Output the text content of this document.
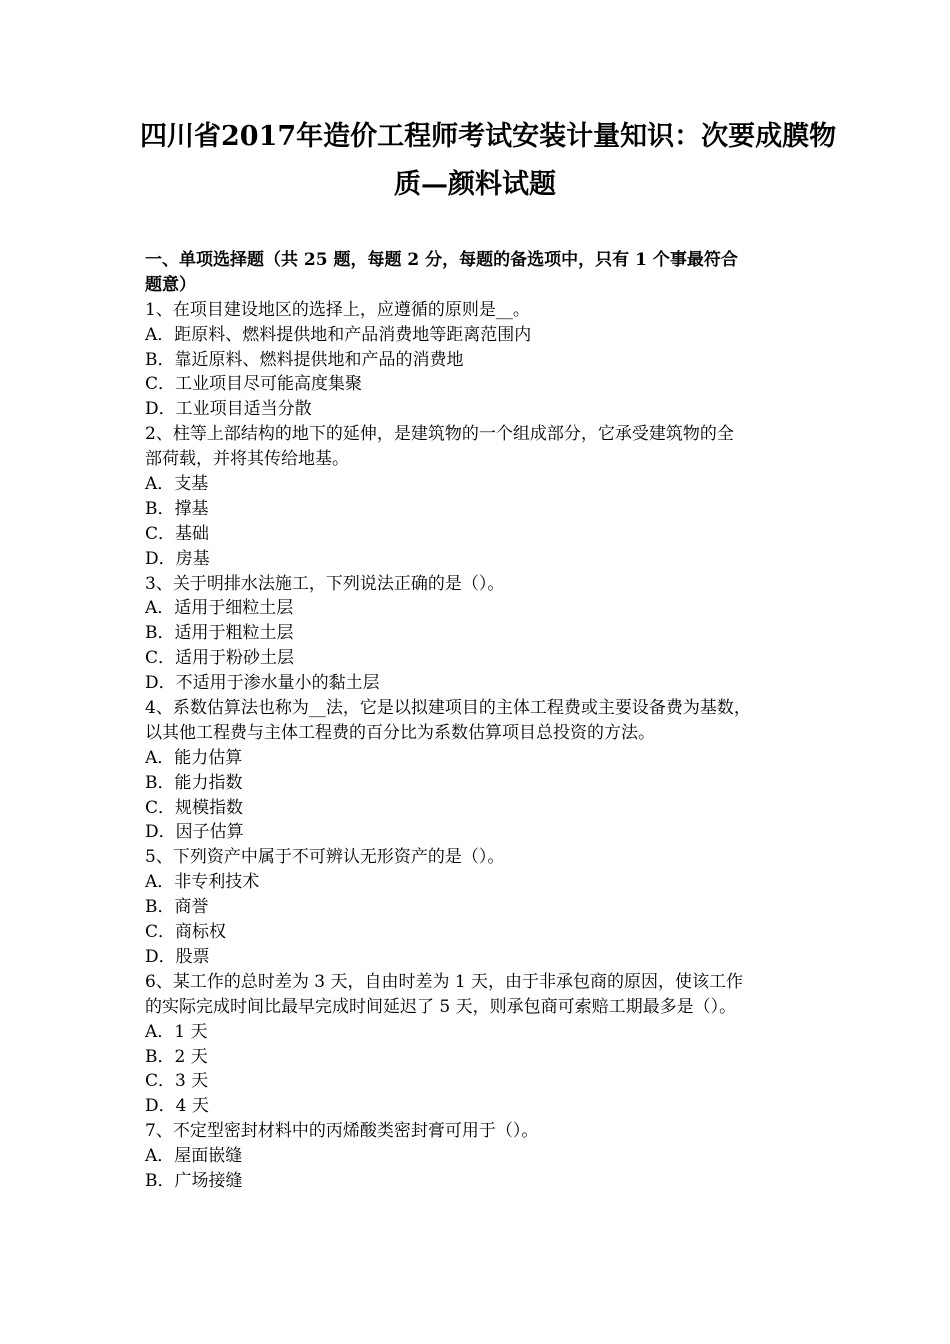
四川省2017年造价工程师考试安装计量知识：次要成膜物
质—颜料试题
一、单项选择题（共 25 题，每题 2 分，每题的备选项中，只有 1 个事最符合
题意）
1、在项目建设地区的选择上，应遵循的原则是__。
A．距原料、燃料提供地和产品消费地等距离范围内
B．靠近原料、燃料提供地和产品的消费地
C．工业项目尽可能高度集聚
D．工业项目适当分散
2、柱等上部结构的地下的延伸，是建筑物的一个组成部分，它承受建筑物的全
部荷载，并将其传给地基。
A．支基
B．撑基
C．基础
D．房基
3、关于明排水法施工，下列说法正确的是（）。
A．适用于细粒土层
B．适用于粗粒土层
C．适用于粉砂土层
D．不适用于渗水量小的黏土层
4、系数估算法也称为__法，它是以拟建项目的主体工程费或主要设备费为基数，
以其他工程费与主体工程费的百分比为系数估算项目总投资的方法。
A．能力估算
B．能力指数
C．规模指数
D．因子估算
5、下列资产中属于不可辨认无形资产的是（）。
A．非专利技术
B．商誉
C．商标权
D．股票
6、某工作的总时差为 3 天，自由时差为 1 天，由于非承包商的原因，使该工作
的实际完成时间比最早完成时间延迟了 5 天，则承包商可索赔工期最多是（）。
A．1 天
B．2 天
C．3 天
D．4 天
7、不定型密封材料中的丙烯酸类密封膏可用于（）。
A．屋面嵌缝
B．广场接缝
